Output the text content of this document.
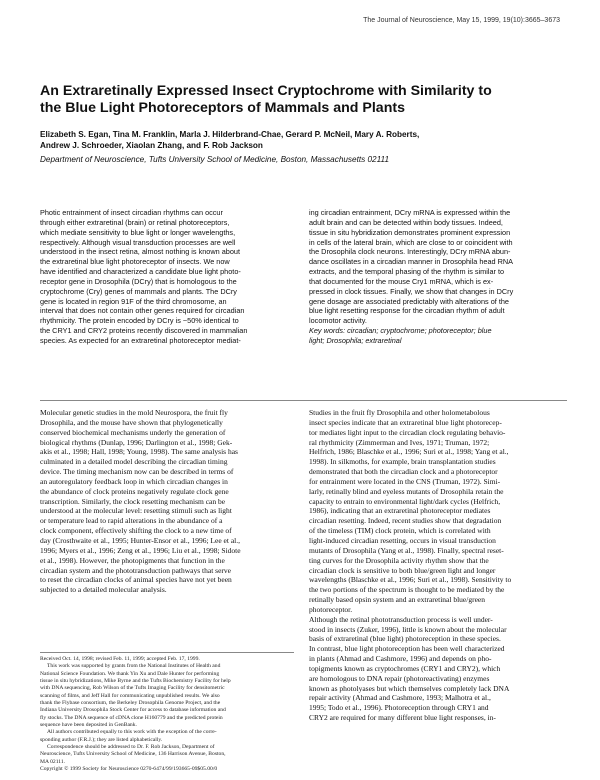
The Journal of Neuroscience, May 15, 1999, 19(10):3665–3673
An Extraretinally Expressed Insect Cryptochrome with Similarity to
the Blue Light Photoreceptors of Mammals and Plants
Elizabeth S. Egan, Tina M. Franklin, Marla J. Hilderbrand-Chae, Gerard P. McNeil, Mary A. Roberts,
Andrew J. Schroeder, Xiaolan Zhang, and F. Rob Jackson
Department of Neuroscience, Tufts University School of Medicine, Boston, Massachusetts 02111
Photic entrainment of insect circadian rhythms can occur
through either extraretinal (brain) or retinal photoreceptors,
which mediate sensitivity to blue light or longer wavelengths,
respectively. Although visual transduction processes are well
understood in the insect retina, almost nothing is known about
the extraretinal blue light photoreceptor of insects. We now
have identified and characterized a candidate blue light photo-
receptor gene in Drosophila (DCry) that is homologous to the
cryptochrome (Cry) genes of mammals and plants. The DCry
gene is located in region 91F of the third chromosome, an
interval that does not contain other genes required for circadian
rhythmicity. The protein encoded by DCry is ~50% identical to
the CRY1 and CRY2 proteins recently discovered in mammalian
species. As expected for an extraretinal photoreceptor mediat-
ing circadian entrainment, DCry mRNA is expressed within the
adult brain and can be detected within body tissues. Indeed,
tissue in situ hybridization demonstrates prominent expression
in cells of the lateral brain, which are close to or coincident with
the Drosophila clock neurons. Interestingly, DCry mRNA abun-
dance oscillates in a circadian manner in Drosophila head RNA
extracts, and the temporal phasing of the rhythm is similar to
that documented for the mouse Cry1 mRNA, which is ex-
pressed in clock tissues. Finally, we show that changes in DCry
gene dosage are associated predictably with alterations of the
blue light resetting response for the circadian rhythm of adult
locomotor activity.
Key words: circadian; cryptochrome; photoreceptor; blue
light; Drosophila; extraretinal
Molecular genetic studies in the mold Neurospora, the fruit fly
Drosophila, and the mouse have shown that phylogenetically
conserved biochemical mechanisms underly the generation of
biological rhythms (Dunlap, 1996; Darlington et al., 1998; Gek-
akis et al., 1998; Hall, 1998; Young, 1998). The same analysis has
culminated in a detailed model describing the circadian timing
device. The timing mechanism now can be described in terms of
an autoregulatory feedback loop in which circadian changes in
the abundance of clock proteins negatively regulate clock gene
transcription. Similarly, the clock resetting mechanism can be
understood at the molecular level: resetting stimuli such as light
or temperature lead to rapid alterations in the abundance of a
clock component, effectively shifting the clock to a new time of
day (Crosthwaite et al., 1995; Hunter-Ensor et al., 1996; Lee et al.,
1996; Myers et al., 1996; Zeng et al., 1996; Liu et al., 1998; Sidote
et al., 1998). However, the photopigments that function in the
circadian system and the phototransduction pathways that serve
to reset the circadian clocks of animal species have not yet been
subjected to a detailed molecular analysis.
Studies in the fruit fly Drosophila and other holometabolous
insect species indicate that an extraretinal blue light photorecep-
tor mediates light input to the circadian clock regulating behavio-
ral rhythmicity (Zimmerman and Ives, 1971; Truman, 1972;
Helfrich, 1986; Blaschke et al., 1996; Suri et al., 1998; Yang et al.,
1998). In silkmoths, for example, brain transplantation studies
demonstrated that both the circadian clock and a photoreceptor
for entrainment were located in the CNS (Truman, 1972). Simi-
larly, retinally blind and eyeless mutants of Drosophila retain the
capacity to entrain to environmental light/dark cycles (Helfrich,
1986), indicating that an extraretinal photoreceptor mediates
circadian resetting. Indeed, recent studies show that degradation
of the timeless (TIM) clock protein, which is correlated with
light-induced circadian resetting, occurs in visual transduction
mutants of Drosophila (Yang et al., 1998). Finally, spectral reset-
ting curves for the Drosophila activity rhythm show that the
circadian clock is sensitive to both blue/green light and longer
wavelengths (Blaschke et al., 1996; Suri et al., 1998). Sensitivity to
the two portions of the spectrum is thought to be mediated by the
retinally based opsin system and an extraretinal blue/green
photoreceptor.
Although the retinal phototransduction process is well under-
stood in insects (Zuker, 1996), little is known about the molecular
basis of extraretinal (blue light) photoreception in these species.
In contrast, blue light photoreception has been well characterized
in plants (Ahmad and Cashmore, 1996) and depends on pho-
topigments known as cryptochromes (CRY1 and CRY2), which
are homologous to DNA repair (photoreactivating) enzymes
known as photolyases but which themselves completely lack DNA
repair activity (Ahmad and Cashmore, 1993; Malhotra et al.,
1995; Todo et al., 1996). Photoreception through CRY1 and
CRY2 are required for many different blue light responses, in-
Received Oct. 14, 1998; revised Feb. 11, 1999; accepted Feb. 17, 1999.
This work was supported by grants from the National Institutes of Health and
National Science Foundation. We thank Yin Xu and Dale Hunter for performing
tissue in situ hybridizations, Mike Byrne and the Tufts Biochemistry Facility for help
with DNA sequencing, Rob Wilson of the Tufts Imaging Facility for densitometric
scanning of films, and Jeff Hall for communicating unpublished results. We also
thank the Flybase consortium, the Berkeley Drosophila Genome Project, and the
Indiana University Drosophila Stock Center for access to database information and
fly stocks. The DNA sequence of cDNA clone H160779 and the predicted protein
sequence have been deposited in GenBank.
All authors contributed equally to this work with the exception of the corre-
sponding author (F.R.J.); they are listed alphabetically.
Correspondence should be addressed to Dr. F. Rob Jackson, Department of
Neuroscience, Tufts University School of Medicine, 136 Harrison Avenue, Boston,
MA 02111.
Copyright © 1999 Society for Neuroscience 0270-6474/99/193665-09$05.00/0
